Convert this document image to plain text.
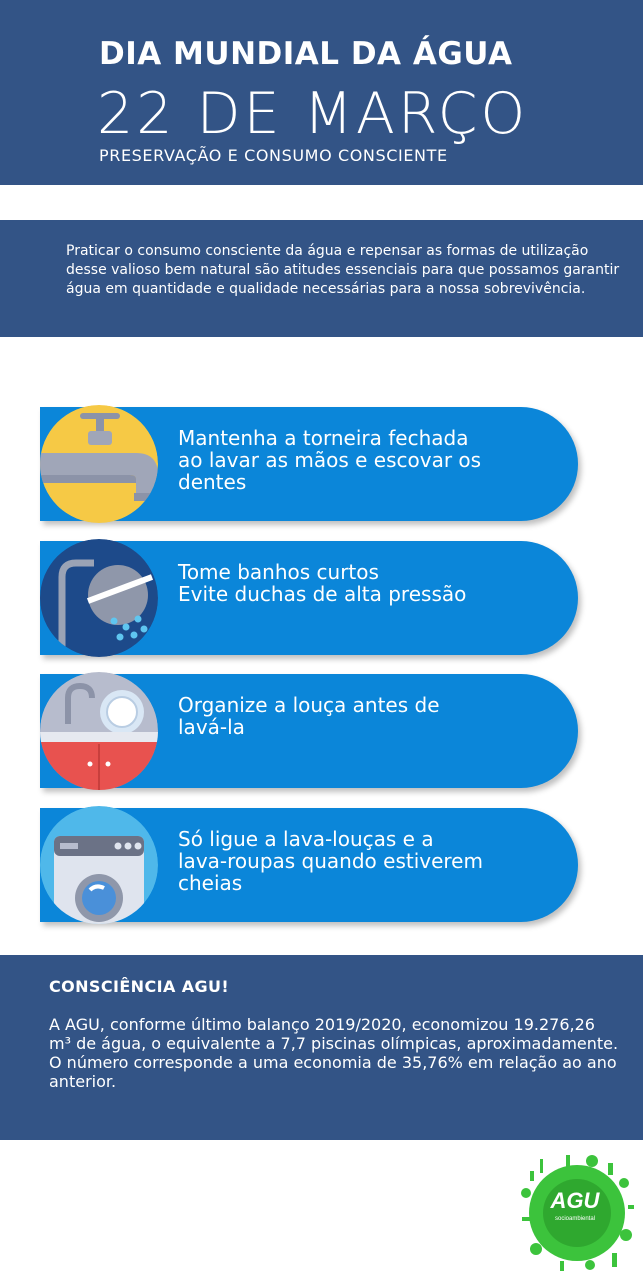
DIA MUNDIAL DA ÁGUA
22 DE MARÇO
PRESERVAÇÃO E CONSUMO CONSCIENTE

Praticar o consumo consciente da água e repensar as formas de utilização desse valioso bem natural são atitudes essenciais para que possamos garantir água em quantidade e qualidade necessárias para a nossa sobrevivência.

Mantenha a torneira fechada
ao lavar as mãos e escovar os
dentes
Tome banhos curtos
Evite duchas de alta pressão
Organize a louça antes de
lavá-la
Só ligue a lava-louças e a
lava-roupas quando estiverem
cheias
CONSCIÊNCIA AGU!

A AGU, conforme último balanço 2019/2020, economizou 19.276,26 m³ de água, o equivalente a 7,7 piscinas olímpicas, aproximadamente. O número corresponde a uma economia de 35,76% em relação ao ano anterior.

AGU
socioambiental
